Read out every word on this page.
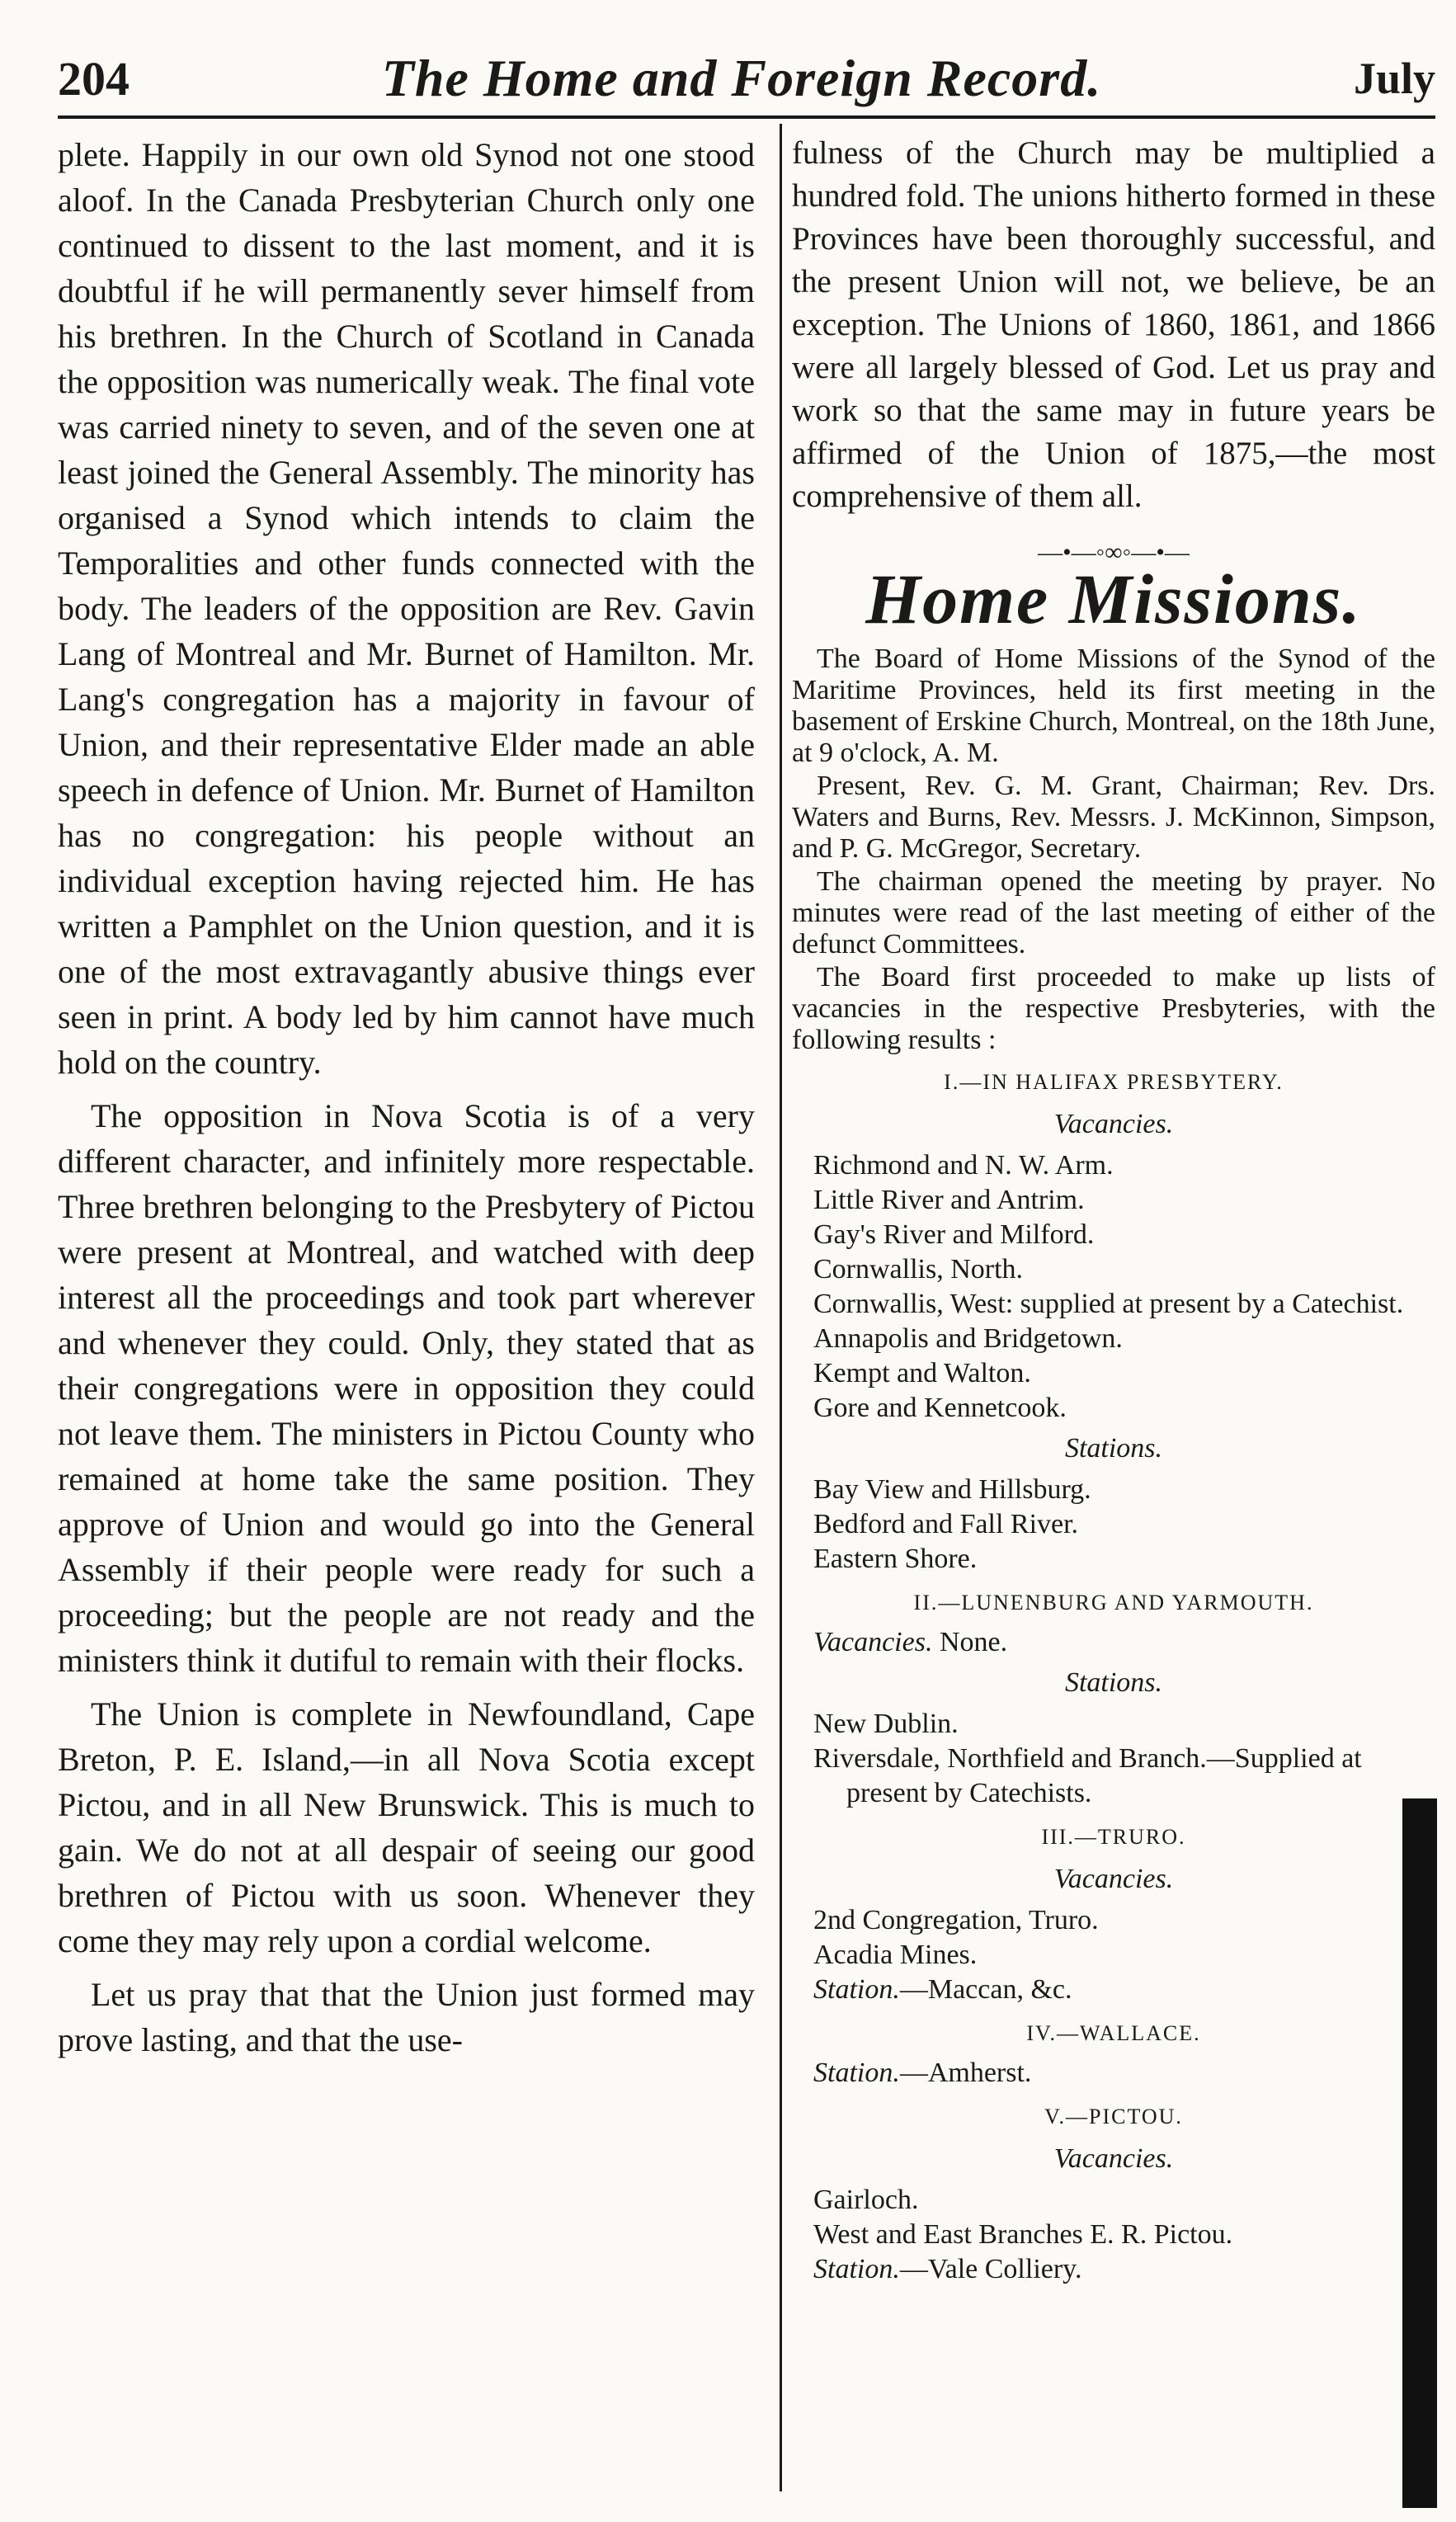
204	The Home and Foreign Record.	July

plete. Happily in our own old Synod not one stood aloof. In the Canada Presbyterian Church only one continued to dissent to the last moment, and it is doubtful if he will permanently sever himself from his brethren. In the Church of Scotland in Canada the opposition was numerically weak. The final vote was carried ninety to seven, and of the seven one at least joined the General Assembly. The minority has organised a Synod which intends to claim the Temporalities and other funds connected with the body. The leaders of the opposition are Rev. Gavin Lang of Montreal and Mr. Burnet of Hamilton. Mr. Lang's congregation has a majority in favour of Union, and their representative Elder made an able speech in defence of Union. Mr. Burnet of Hamilton has no congregation: his people without an individual exception having rejected him. He has written a Pamphlet on the Union question, and it is one of the most extravagantly abusive things ever seen in print. A body led by him cannot have much hold on the country.

The opposition in Nova Scotia is of a very different character, and infinitely more respectable. Three brethren belonging to the Presbytery of Pictou were present at Montreal, and watched with deep interest all the proceedings and took part wherever and whenever they could. Only, they stated that as their congregations were in opposition they could not leave them. The ministers in Pictou County who remained at home take the same position. They approve of Union and would go into the General Assembly if their people were ready for such a proceeding; but the people are not ready and the ministers think it dutiful to remain with their flocks.

The Union is complete in Newfoundland, Cape Breton, P. E. Island,—in all Nova Scotia except Pictou, and in all New Brunswick. This is much to gain. We do not at all despair of seeing our good brethren of Pictou with us soon. Whenever they come they may rely upon a cordial welcome.

Let us pray that that the Union just formed may prove lasting, and that the use-

fulness of the Church may be multiplied a hundred fold. The unions hitherto formed in these Provinces have been thoroughly successful, and the present Union will not, we believe, be an exception. The Unions of 1860, 1861, and 1866 were all largely blessed of God. Let us pray and work so that the same may in future years be affirmed of the Union of 1875,—the most comprehensive of them all.

—•—◦∞◦—•—
Home Missions.

The Board of Home Missions of the Synod of the Maritime Provinces, held its first meeting in the basement of Erskine Church, Montreal, on the 18th June, at 9 o'clock, A. M.

Present, Rev. G. M. Grant, Chairman; Rev. Drs. Waters and Burns, Rev. Messrs. J. McKinnon, Simpson, and P. G. McGregor, Secretary.

The chairman opened the meeting by prayer. No minutes were read of the last meeting of either of the defunct Committees.

The Board first proceeded to make up lists of vacancies in the respective Presbyteries, with the following results :

I.—IN HALIFAX PRESBYTERY.
Vacancies.
Richmond and N. W. Arm.
Little River and Antrim.
Gay's River and Milford.
Cornwallis, North.
Cornwallis, West: supplied at present by a Catechist.
Annapolis and Bridgetown.
Kempt and Walton.
Gore and Kennetcook.
Stations.
Bay View and Hillsburg.
Bedford and Fall River.
Eastern Shore.
II.—LUNENBURG AND YARMOUTH.
Vacancies. None.
Stations.
New Dublin.
Riversdale, Northfield and Branch.—Supplied at present by Catechists.
III.—TRURO.
Vacancies.
2nd Congregation, Truro.
Acadia Mines.
Station.—Maccan, &c.
IV.—WALLACE.
Station.—Amherst.
V.—PICTOU.
Vacancies.
Gairloch.
West and East Branches E. R. Pictou.
Station.—Vale Colliery.
